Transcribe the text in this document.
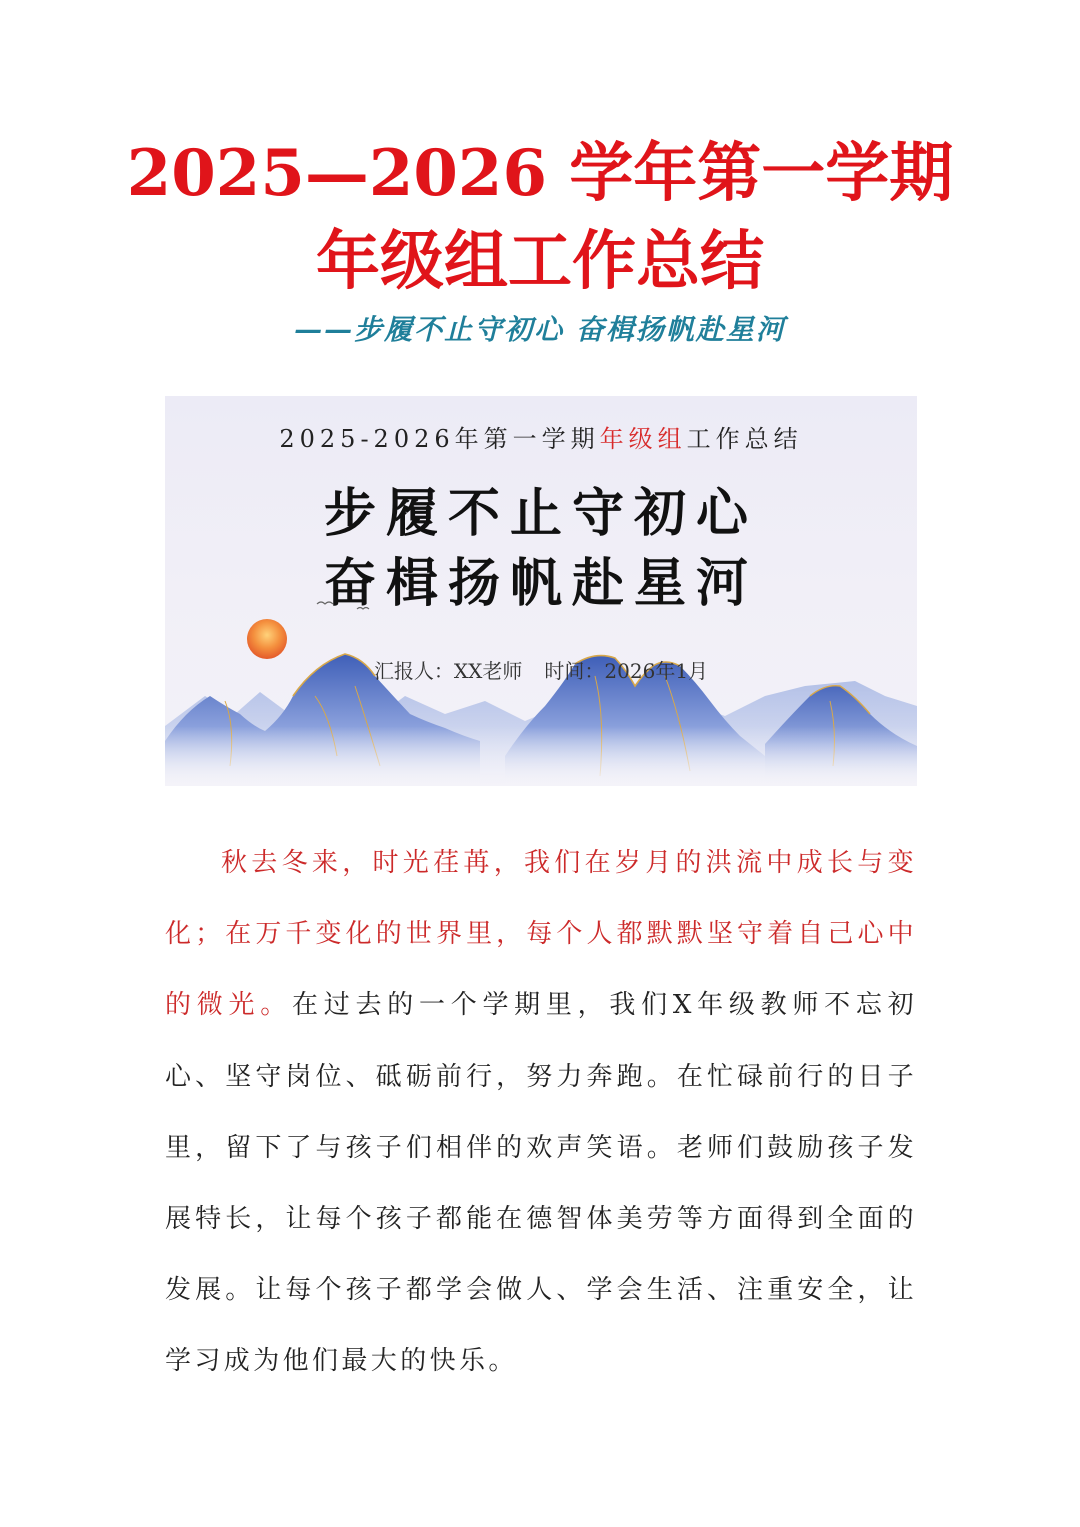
2025—2026 学年第一学期
年级组工作总结
——步履不止守初心 奋楫扬帆赴星河
2025-2026年第一学期年级组工作总结
步履不止守初心
奋楫扬帆赴星河
汇报人：XX老师 时间：2026年1月

秋去冬来，时光荏苒，我们在岁月的洪流中成长与变化；在万千变化的世界里，每个人都默默坚守着自己心中的微光。在过去的一个学期里，我们X年级教师不忘初心、坚守岗位、砥砺前行，努力奔跑。在忙碌前行的日子里，留下了与孩子们相伴的欢声笑语。老师们鼓励孩子发展特长，让每个孩子都能在德智体美劳等方面得到全面的发展。让每个孩子都学会做人、学会生活、注重安全，让学习成为他们最大的快乐。
